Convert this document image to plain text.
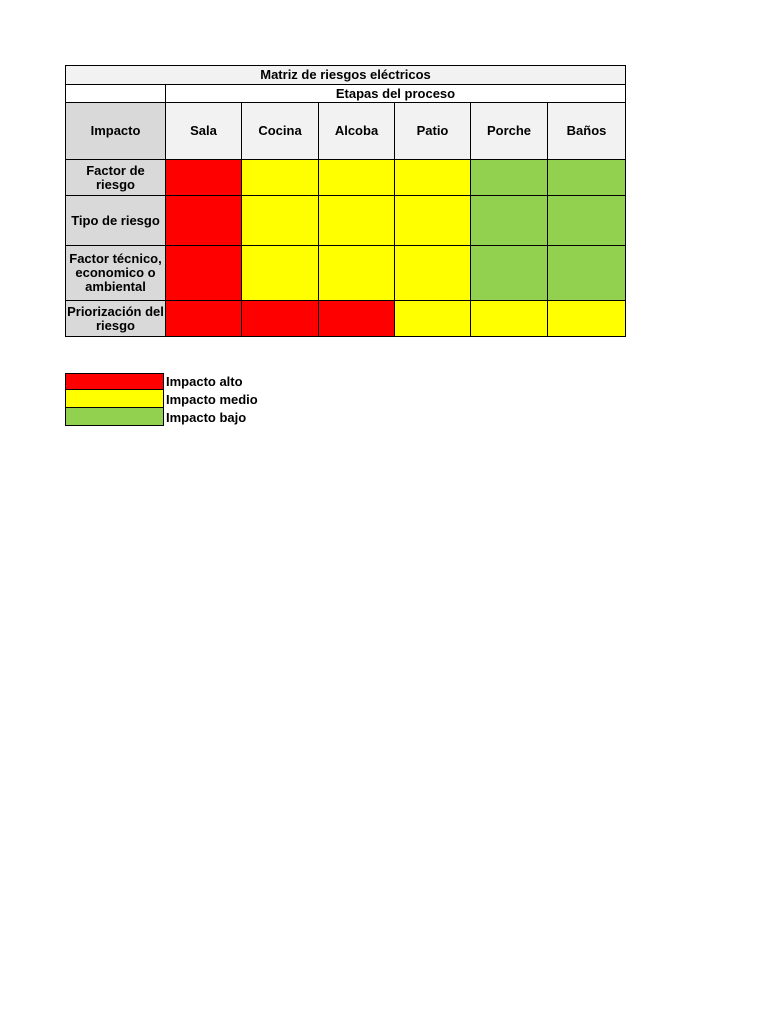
Matriz de riesgos eléctricos						
	Etapas del proceso					
Impacto	Sala	Cocina	Alcoba	Patio	Porche	Baños
Factor de riesgo						
Tipo de riesgo						
Factor técnico, economico o ambiental						
Priorización del riesgo						
Impacto alto
Impacto medio
Impacto bajo
